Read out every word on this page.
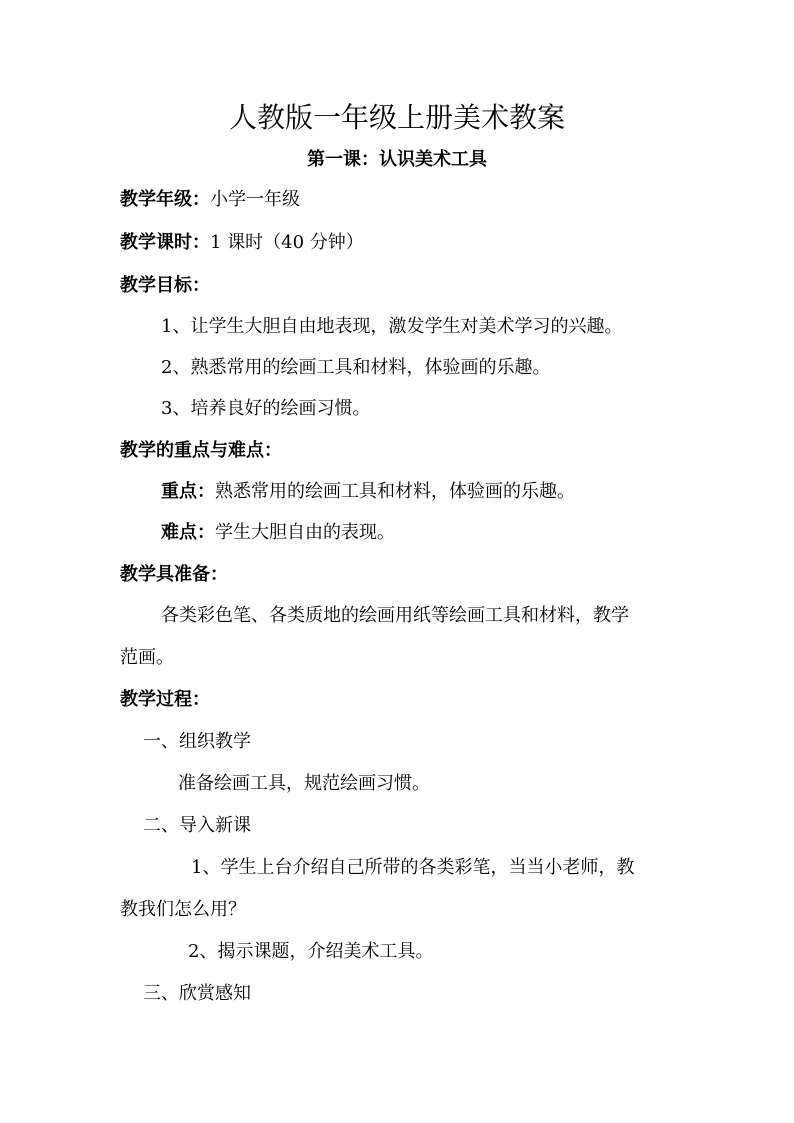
人教版一年级上册美术教案
第一课：认识美术工具
教学年级：小学一年级
教学课时：1 课时（40 分钟）
教学目标：
1、让学生大胆自由地表现，激发学生对美术学习的兴趣。
2、熟悉常用的绘画工具和材料，体验画的乐趣。
3、培养良好的绘画习惯。
教学的重点与难点：
重点：熟悉常用的绘画工具和材料，体验画的乐趣。
难点：学生大胆自由的表现。
教学具准备：
各类彩色笔、各类质地的绘画用纸等绘画工具和材料，教学
范画。
教学过程：
一、组织教学
准备绘画工具，规范绘画习惯。
二、导入新课
1、学生上台介绍自己所带的各类彩笔，当当小老师，教
教我们怎么用？
2、揭示课题，介绍美术工具。
三、欣赏感知
